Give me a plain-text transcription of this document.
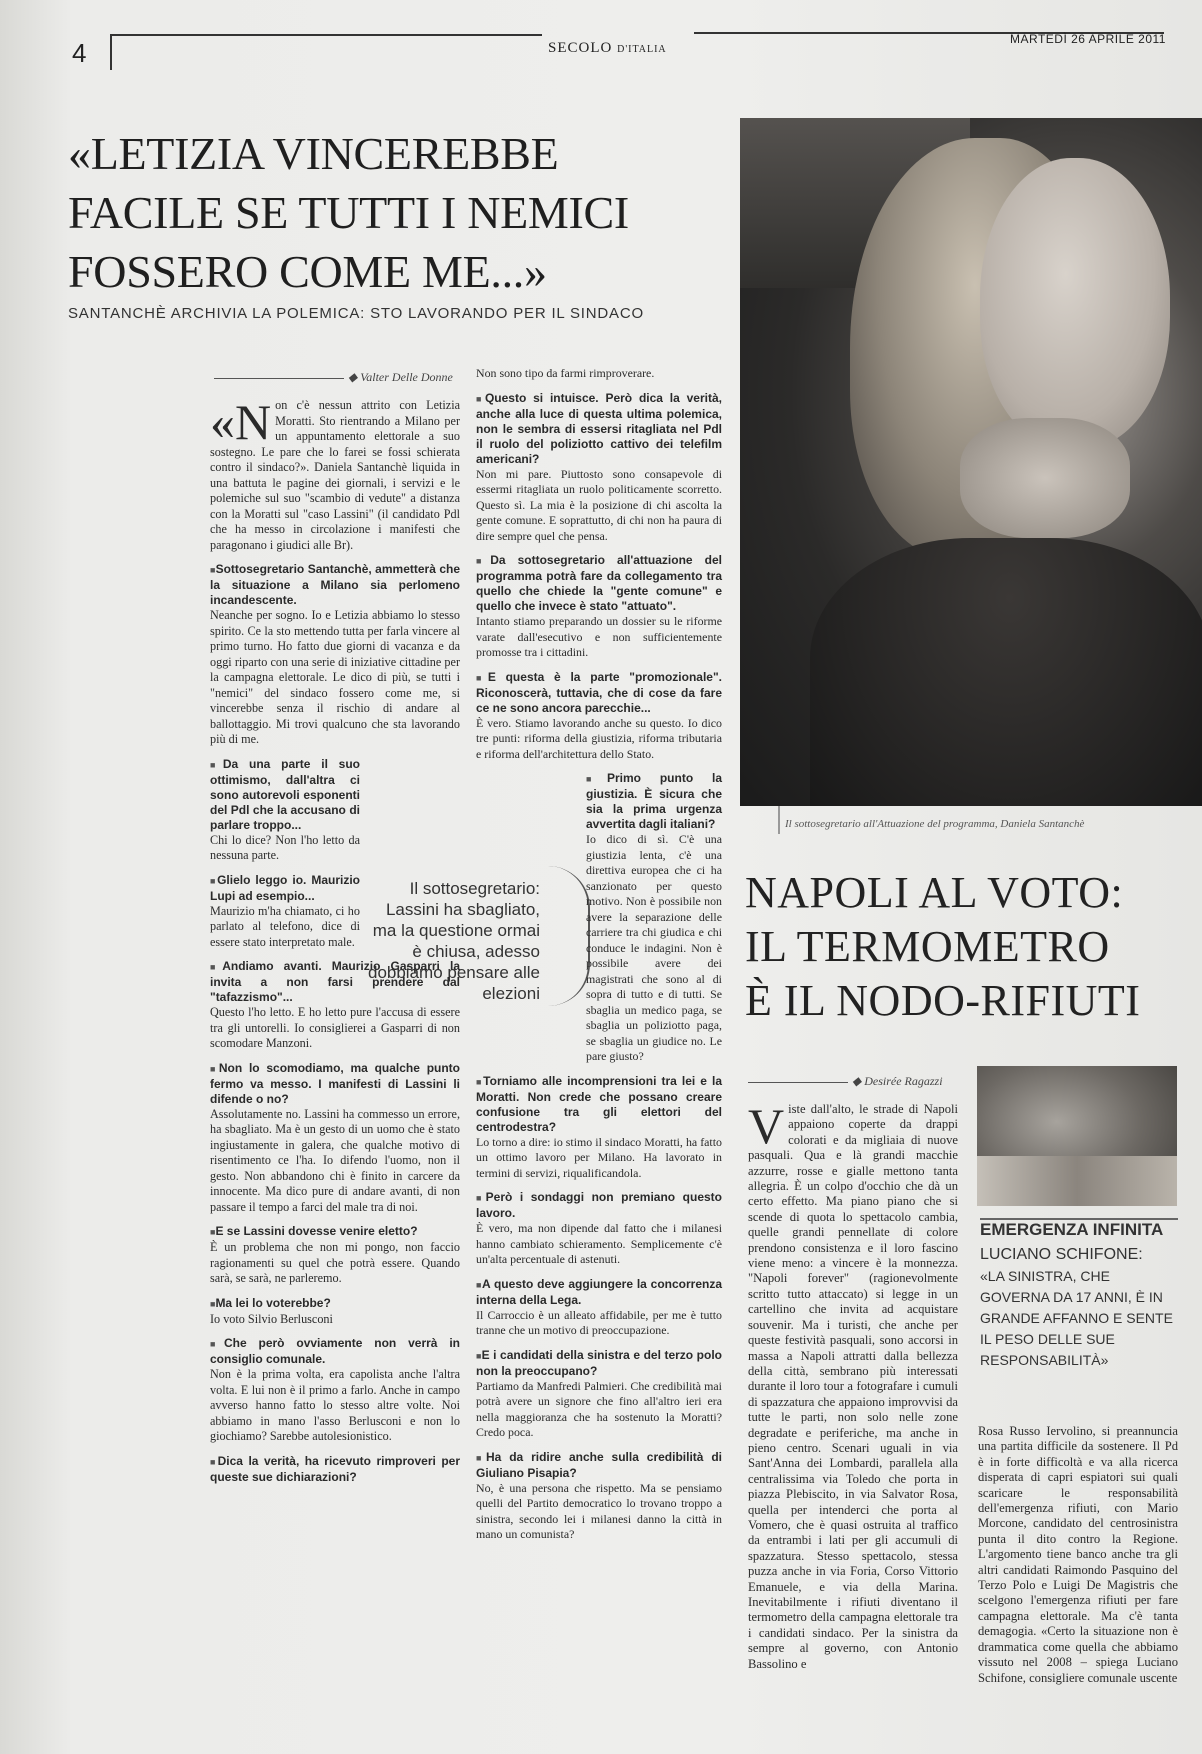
4	SECOLO D'ITALIA
MARTEDÌ 26 APRILE 2011
«LETIZIA VINCEREBBE
FACILE SE TUTTI I NEMICI
FOSSERO COME ME...»
SANTANCHÈ ARCHIVIA LA POLEMICA: STO LAVORANDO PER IL SINDACO
Il sottosegretario all'Attuazione del programma, Daniela Santanchè
◆ Valter Delle Donne

«Non c'è nessun attrito con Letizia Moratti. Sto rientrando a Milano per un appuntamento elettorale a suo sostegno. Le pare che lo farei se fossi schierata contro il sindaco?». Daniela Santanchè liquida in una battuta le pagine dei giornali, i servizi e le polemiche sul suo "scambio di vedute" a distanza con la Moratti sul "caso Lassini" (il candidato Pdl che ha messo in circolazione i manifesti che paragonano i giudici alle Br).

■ Sottosegretario Santanchè, ammetterà che la situazione a Milano sia perlomeno incandescente.
Neanche per sogno. Io e Letizia abbiamo lo stesso spirito. Ce la sto mettendo tutta per farla vincere al primo turno. Ho fatto due giorni di vacanza e da oggi riparto con una serie di iniziative cittadine per la campagna elettorale. Le dico di più, se tutti i "nemici" del sindaco fossero come me, si vincerebbe senza il rischio di andare al ballottaggio. Mi trovi qualcuno che sta lavorando più di me.

■ Da una parte il suo ottimismo, dall'altra ci sono autorevoli esponenti del Pdl che la accusano di parlare troppo...
Chi lo dice? Non l'ho letto da nessuna parte.

■ Glielo leggo io. Maurizio Lupi ad esempio...
Maurizio m'ha chiamato, ci ho parlato al telefono, dice di essere stato interpretato male.

■ Andiamo avanti. Maurizio Gasparri la invita a non farsi prendere dal "tafazzismo"...
Questo l'ho letto. E ho letto pure l'accusa di essere tra gli untorelli. Io consiglierei a Gasparri di non scomodare Manzoni.

■ Non lo scomodiamo, ma qualche punto fermo va messo. I manifesti di Lassini li difende o no?
Assolutamente no. Lassini ha commesso un errore, ha sbagliato. Ma è un gesto di un uomo che è stato ingiustamente in galera, che qualche motivo di risentimento ce l'ha. Io difendo l'uomo, non il gesto. Non abbandono chi è finito in carcere da innocente. Ma dico pure di andare avanti, di non passare il tempo a farci del male tra di noi.

■ E se Lassini dovesse venire eletto?
È un problema che non mi pongo, non faccio ragionamenti su quel che potrà essere. Quando sarà, se sarà, ne parleremo.

■ Ma lei lo voterebbe?
Io voto Silvio Berlusconi

■ Che però ovviamente non verrà in consiglio comunale.
Non è la prima volta, era capolista anche l'altra volta. E lui non è il primo a farlo. Anche in campo avverso hanno fatto lo stesso altre volte. Noi abbiamo in mano l'asso Berlusconi e non lo giochiamo? Sarebbe autolesionistico.

■ Dica la verità, ha ricevuto rimproveri per queste sue dichiarazioni?

Il sottosegretario: Lassini ha sbagliato, ma la questione ormai è chiusa, adesso dobbiamo pensare alle elezioni

Non sono tipo da farmi rimproverare.

■ Questo si intuisce. Però dica la verità, anche alla luce di questa ultima polemica, non le sembra di essersi ritagliata nel Pdl il ruolo del poliziotto cattivo dei telefilm americani?
Non mi pare. Piuttosto sono consapevole di essermi ritagliata un ruolo politicamente scorretto. Questo sì. La mia è la posizione di chi ascolta la gente comune. E soprattutto, di chi non ha paura di dire sempre quel che pensa.

■ Da sottosegretario all'attuazione del programma potrà fare da collegamento tra quello che chiede la "gente comune" e quello che invece è stato "attuato".
Intanto stiamo preparando un dossier su le riforme varate dall'esecutivo e non sufficientemente promosse tra i cittadini.

■ E questa è la parte "promozionale". Riconoscerà, tuttavia, che di cose da fare ce ne sono ancora parecchie...
È vero. Stiamo lavorando anche su questo. Io dico tre punti: riforma della giustizia, riforma tributaria e riforma dell'architettura dello Stato.

■ Primo punto la giustizia. È sicura che sia la prima urgenza avvertita dagli italiani?
Io dico di sì. C'è una giustizia lenta, c'è una direttiva europea che ci ha sanzionato per questo motivo. Non è possibile non avere la separazione delle carriere tra chi giudica e chi conduce le indagini. Non è possibile avere dei magistrati che sono al di sopra di tutto e di tutti. Se sbaglia un medico paga, se sbaglia un poliziotto paga, se sbaglia un giudice no. Le pare giusto?

■ Torniamo alle incomprensioni tra lei e la Moratti. Non crede che possano creare confusione tra gli elettori del centrodestra?
Lo torno a dire: io stimo il sindaco Moratti, ha fatto un ottimo lavoro per Milano. Ha lavorato in termini di servizi, riqualificandola.

■ Però i sondaggi non premiano questo lavoro.
È vero, ma non dipende dal fatto che i milanesi hanno cambiato schieramento. Semplicemente c'è un'alta percentuale di astenuti.

■ A questo deve aggiungere la concorrenza interna della Lega.
Il Carroccio è un alleato affidabile, per me è tutto tranne che un motivo di preoccupazione.

■ E i candidati della sinistra e del terzo polo non la preoccupano?
Partiamo da Manfredi Palmieri. Che credibilità mai potrà avere un signore che fino all'altro ieri era nella maggioranza che ha sostenuto la Moratti? Credo poca.

■ Ha da ridire anche sulla credibilità di Giuliano Pisapia?
No, è una persona che rispetto. Ma se pensiamo quelli del Partito democratico lo trovano troppo a sinistra, secondo lei i milanesi danno la città in mano un comunista?

NAPOLI AL VOTO:
IL TERMOMETRO
È IL NODO-RIFIUTI
◆ Desirée Ragazzi
EMERGENZA INFINITA
LUCIANO SCHIFONE:
«LA SINISTRA, CHE GOVERNA DA 17 ANNI, È IN GRANDE AFFANNO E SENTE IL PESO DELLE SUE RESPONSABILITÀ»
Viste dall'alto, le strade di Napoli appaiono coperte da drappi colorati e da migliaia di nuove pasquali. Qua e là grandi macchie azzurre, rosse e gialle mettono tanta allegria. È un colpo d'occhio che dà un certo effetto. Ma piano piano che si scende di quota lo spettacolo cambia, quelle grandi pennellate di colore prendono consistenza e il loro fascino viene meno: a vincere è la monnezza. "Napoli forever" (ragionevolmente scritto tutto attaccato) si legge in un cartellino che invita ad acquistare souvenir. Ma i turisti, che anche per queste festività pasquali, sono accorsi in massa a Napoli attratti dalla bellezza della città, sembrano più interessati durante il loro tour a fotografare i cumuli di spazzatura che appaiono improvvisi da tutte le parti, non solo nelle zone degradate e periferiche, ma anche in pieno centro. Scenari uguali in via Sant'Anna dei Lombardi, parallela alla centralissima via Toledo che porta in piazza Plebiscito, in via Salvator Rosa, quella per intenderci che porta al Vomero, che è quasi ostruita al traffico da entrambi i lati per gli accumuli di spazzatura. Stesso spettacolo, stessa puzza anche in via Foria, Corso Vittorio Emanuele, e via della Marina. Inevitabilmente i rifiuti diventano il termometro della campagna elettorale tra i candidati sindaco. Per la sinistra da sempre al governo, con Antonio Bassolino e
Rosa Russo Iervolino, si preannuncia una partita difficile da sostenere. Il Pd è in forte difficoltà e va alla ricerca disperata di capri espiatori sui quali scaricare le responsabilità dell'emergenza rifiuti, con Mario Morcone, candidato del centrosinistra punta il dito contro la Regione. L'argomento tiene banco anche tra gli altri candidati Raimondo Pasquino del Terzo Polo e Luigi De Magistris che scelgono l'emergenza rifiuti per fare campagna elettorale. Ma c'è tanta demagogia. «Certo la situazione non è drammatica come quella che abbiamo vissuto nel 2008 – spiega Luciano Schifone, consigliere comunale uscente
